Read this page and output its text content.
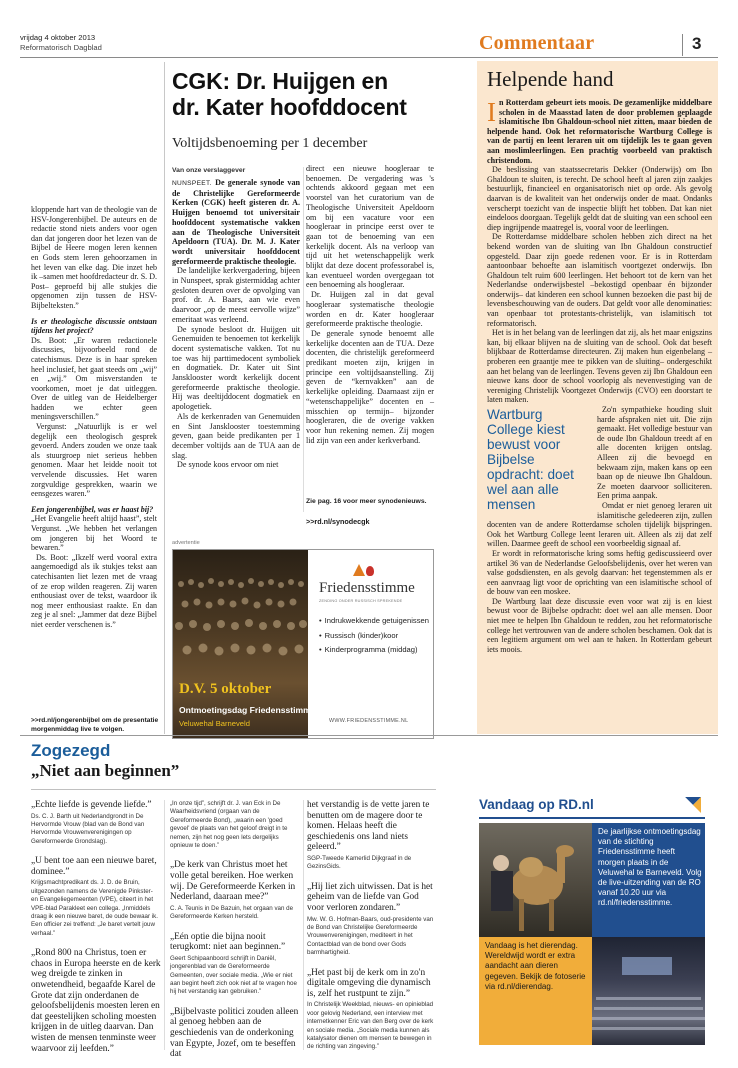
vrijdag 4 oktober 2013
Reformatorisch Dagblad	Commentaar	3

kloppende hart van de theologie van de HSV-Jongerenbijbel. De auteurs en de redactie stond niets anders voor ogen dan dat jongeren door het lezen van de Bijbel de Heere mogen leren kennen en Gods stem leren gehoorzamen in het leven van elke dag. Die inzet heb ik –samen met hoofdredacteur dr. S. D. Post– geproefd bij alle stukjes die opgenomen zijn tussen de HSV-Bijbelteksten.”

Is er theologische discussie ontstaan tijdens het project?

Ds. Boot: „Er waren redactionele discussies, bijvoorbeeld rond de catechismus. Deze is in haar spreken heel inclusief, het gaat steeds om „wij” en „wij.” Om misverstanden te voorkomen, moet je dat uitleggen. Over de uitleg van de Heidelberger hadden we echter geen meningsverschillen.”

Vergunst: „Natuurlijk is er wel degelijk een theologisch gesprek gevoerd. Anders zouden we onze taak als stuurgroep niet serieus hebben genomen. Maar het leidde nooit tot vervelende discussies. Het waren zorgvuldige gesprekken, waarin we eensgezes waren.”

Een jongerenbijbel, was er haast bij?

„Het Evangelie heeft altijd haast”, stelt Vergunst. „We hebben het verlangen om jongeren bij het Woord te bewaren.”

Ds. Boot: „Ikzelf werd vooral extra aangemoedigd als ik stukjes tekst aan catechisanten liet lezen met de vraag of ze erop wilden reageren. Zij waren enthousiast over de tekst, waardoor ik nog meer enthousiast raakte. En dan zeg je al snel: „Jammer dat deze Bijbel niet eerder verschenen is.”

>>rd.nl/jongerenbijbel om de presentatie morgenmiddag live te volgen.
CGK: Dr. Huijgen en
dr. Kater hoofddocent
Voltijdsbenoeming per 1 december
Van onze verslaggever

NUNSPEET. De generale synode van de Christelijke Gereformeerde Kerken (CGK) heeft gisteren dr. A. Huijgen benoemd tot universitair hoofddocent systematische vakken aan de Theologische Universiteit Apeldoorn (TUA). Dr. M. J. Kater wordt universitair hoofddocent gereformeerde praktische theologie.

De landelijke kerkvergadering, bijeen in Nunspeet, sprak gistermiddag achter gesloten deuren over de opvolging van prof. dr. A. Baars, aan wie even daarvoor „op de meest eervolle wijze” emeritaat was verleend.

De synode besloot dr. Huijgen uit Genemuiden te benoemen tot kerkelijk docent systematische vakken. Tot nu toe was hij parttimedocent symboliek en dogmatiek. Dr. Kater uit Sint Jansklooster wordt kerkelijk docent gereformeerde praktische theologie. Hij was deeltijddocent dogmatiek en apologetiek.

Als de kerkenraden van Genemuiden en Sint Jansklooster toestemming geven, gaan beide predikanten per 1 december voltijds aan de TUA aan de slag.

De synode koos ervoor om niet

direct een nieuwe hoogleraar te benoemen. De vergadering was 's ochtends akkoord gegaan met een voorstel van het curatorium van de Theologische Universiteit Apeldoorn om bij een vacature voor een hoogleraar in principe eerst over te gaan tot de benoeming van een kerkelijk docent. Als na verloop van tijd uit het wetenschappelijk werk blijkt dat deze docent professorabel is, kan eventueel worden overgegaan tot een benoeming als hoogleraar.

Dr. Huijgen zal in dat geval hoogleraar systematische theologie worden en dr. Kater hoogleraar gereformeerde praktische theologie.

De generale synode benoemt alle kerkelijke docenten aan de TUA. Deze docenten, die christelijk gereformeerd predikant moeten zijn, krijgen in principe een voltijdsaanstelling. Zij geven de “kernvakken” aan de kerkelijke opleiding. Daarnaast zijn er “wetenschappelijke” docenten en –misschien op termijn– bijzonder hoogleraren, die de overige vakken voor hun rekening nemen. Zij mogen lid zijn van een ander kerkverband.

Zie pag. 16 voor meer synodenieuws.
>>rd.nl/synodecgk
advertentie
D.V. 5 oktober
Ontmoetingsdag Friedensstimme!
Veluwehal Barneveld
Friedensstimme
ZENDING ONDER RUSSISCH SPREKENDE
• Indrukwekkende getuigenissen
• Russisch (kinder)koor
• Kinderprogramma (middag)
WWW.FRIEDENSSTIMME.NL
Helpende hand
I n Rotterdam gebeurt iets moois. De gezamenlijke middelbare scholen in de Maasstad laten de door problemen geplaagde islamitische Ibn Ghaldoun-school niet zitten, maar bieden de helpende hand. Ook het reformatorische Wartburg College is van de partij en leent leraren uit om tijdelijk les te gaan geven aan moslimleerlingen. Een prachtig voorbeeld van praktisch christendom.

De beslissing van staatssecretaris Dekker (Onderwijs) om Ibn Ghaldoun te sluiten, is terecht. De school heeft al jaren zijn zaakjes bestuurlijk, financieel en organisatorisch niet op orde. Als gevolg daarvan is de kwaliteit van het onderwijs onder de maat. Ondanks verscherpt toezicht van de inspectie blijft het tobben. Dat kan niet eindeloos doorgaan. Tegelijk geldt dat de sluiting van een school een diep ingrijpende maatregel is, vooral voor de leerlingen.

De Rotterdamse middelbare scholen hebben zich direct na het bekend worden van de sluiting van Ibn Ghaldoun constructief opgesteld. Daar zijn goede redenen voor. Er is in Rotterdam aantoonbaar behoefte aan islamitisch voortgezet onderwijs. Ibn Ghaldoun telt ruim 600 leerlingen. Het behoort tot de kern van het Nederlandse onderwijsbestel –bekostigd openbaar én bijzonder onderwijs– dat kinderen een school kunnen bezoeken die past bij de levensbeschouwing van de ouders. Dat geldt voor alle denominaties: van openbaar tot protestants-christelijk, van islamitisch tot reformatorisch.

Het is in het belang van de leerlingen dat zij, als het maar enigszins kan, bij elkaar blijven na de sluiting van de school. Ook dat beseft blijkbaar de Rotterdamse directeuren. Zij maken hun eigenbelang –proberen een graantje mee te pikken van de sluiting– ondergeschikt aan het belang van de leerlingen. Tevens geven zij Ibn Ghaldoun een nieuwe kans door de school voorlopig als nevenvestiging van de vereniging Christelijk Voortgezet Onderwijs (CVO) een doorstart te laten maken.

Wartburg College kiest bewust voor Bijbelse opdracht: doet wel aan alle mensen

Zo'n sympathieke houding sluit harde afspraken niet uit. Die zijn gemaakt. Het volledige bestuur van de oude Ibn Ghaldoun treedt af en alle docenten krijgen ontslag. Alleen zij die bevoegd en bekwaam zijn, maken kans op een baan op de nieuwe Ibn Ghaldoun. Ze moeten daarvoor solliciteren. Een prima aanpak.

Omdat er niet genoeg leraren uit islamitische geledeeren zijn, zullen docenten van de andere Rotterdamse scholen tijdelijk bijspringen. Ook het Wartburg College leent leraren uit. Alleen als zij dat zelf willen. Daarmee geeft de school een voorbeeldig signaal af.

Er wordt in reformatorische kring soms heftig gediscussieerd over artikel 36 van de Nederlandse Geloofsbelijdenis, over het weren van valse godsdiensten, en als gevolg daarvan: het tegenstemmen als er een aanvraag ligt voor de oprichting van een islamitische school of de bouw van een moskee.

De Wartburg laat deze discussie even voor wat zij is en kiest bewust voor de Bijbelse opdracht: doet wel aan alle mensen. Door niet mee te helpen Ibn Ghaldoun te redden, zou het reformatorische college het vertrouwen van de andere scholen beschamen. Ook dat is een legitiem argument om wel aan te haken. In Rotterdam gebeurt iets moois.

Zogezegd
„Niet aan beginnen”
„Echte liefde is gevende liefde.”
Ds. C. J. Barth uit Nederlandgrondt in De Hervormde Vrouw (blad van de Bond van Hervormde Vrouwenverenigingen op Gereformeerde Grondslag).
„U bent toe aan een nieuwe baret, dominee.”
Krijgsmachtpredikant ds. J. D. de Bruin, uitgezonden namens de Verenigde Pinkster- en Evangeliegemeenten (VPE), citeert in het VPE-blad Parakleet een collega. „Inmiddels draag ik een nieuwe baret, de oude bewaar ik. Een officier zei treffend: „Je baret vertelt jouw verhaal.”
„Rond 800 na Christus, toen er chaos in Europa heerste en de kerk weg dreigde te zinken in onwetendheid, begaafde Karel de Grote dat zijn onderdanen de geloofsbelijdenis moesten leren en dat geestelijken scholing moesten krijgen in de uitleg daarvan. Dan wisten de mensen tenminste weer waarvoor zij leefden.”
„In onze tijd”, schrijft dr. J. van Eck in De Waarheidsvriend (orgaan van de Gereformeerde Bond), „waarin een 'goed gevoel' de plaats van het geloof dreigt in te nemen, zijn het nog geen lets dergelijks opnieuw te doen.”
„De kerk van Christus moet het volle getal bereiken. Hoe werken wij. De Gereformeerde Kerken in Nederland, daaraan mee?”
C. A. Teunis in De Bazuin, het orgaan van de Gereformeerde Kerken hersteld.
„Eén optie die bijna nooit terugkomt: niet aan beginnen.”
Geert Schipaanboord schrijft in Daniël, jongerenblad van de Gereformeerde Gemeenten, over sociale media. „Wie er niet aan begint heeft zich ook niet af te vragen hoe hij het verstandig kan gebruiken.”
„Bijbelvaste politici zouden alleen al genoeg hebben aan de geschiedenis van de onderkoning van Egypte, Jozef, om te beseffen dat
het verstandig is de vette jaren te benutten om de magere door te komen. Helaas heeft die geschiedenis ons land niets geleerd.”
SGP-Tweede Kamerlid Dijkgraaf in de GezinsGids.
„Hij liet zich uitwissen. Dat is het geheim van de liefde van God voor verloren zondaren.”
Mw. W. G. Hofman-Baars, oud-presidente van de Bond van Christelijke Gereformeerde Vrouwenverenigingen, mediteert in het Contactblad van de bond over Gods barmhartigheid.
„Het past bij de kerk om in zo'n digitale omgeving die dynamisch is, zelf het rustpunt te zijn.”
In Christelijk Weekblad, nieuws- en opinieblad voor gelovig Nederland, een interview met internetkenner Eric van den Berg over de kerk en sociale media. „Sociale media kunnen als katalysator dienen om mensen te bewegen in de richting van zingeving.”
Vandaag op RD.nl
De jaarlijkse ontmoetingsdag van de stichting Friedensstimme heeft morgen plaats in de Veluwehal te Barneveld. Volg de live-uitzending van de RO vanaf 10.20 uur via rd.nl/friedensstimme.
Vandaag is het dierendag. Wereldwijd wordt er extra aandacht aan dieren gegeven. Bekijk de fotoserie via rd.nl/dierendag.
